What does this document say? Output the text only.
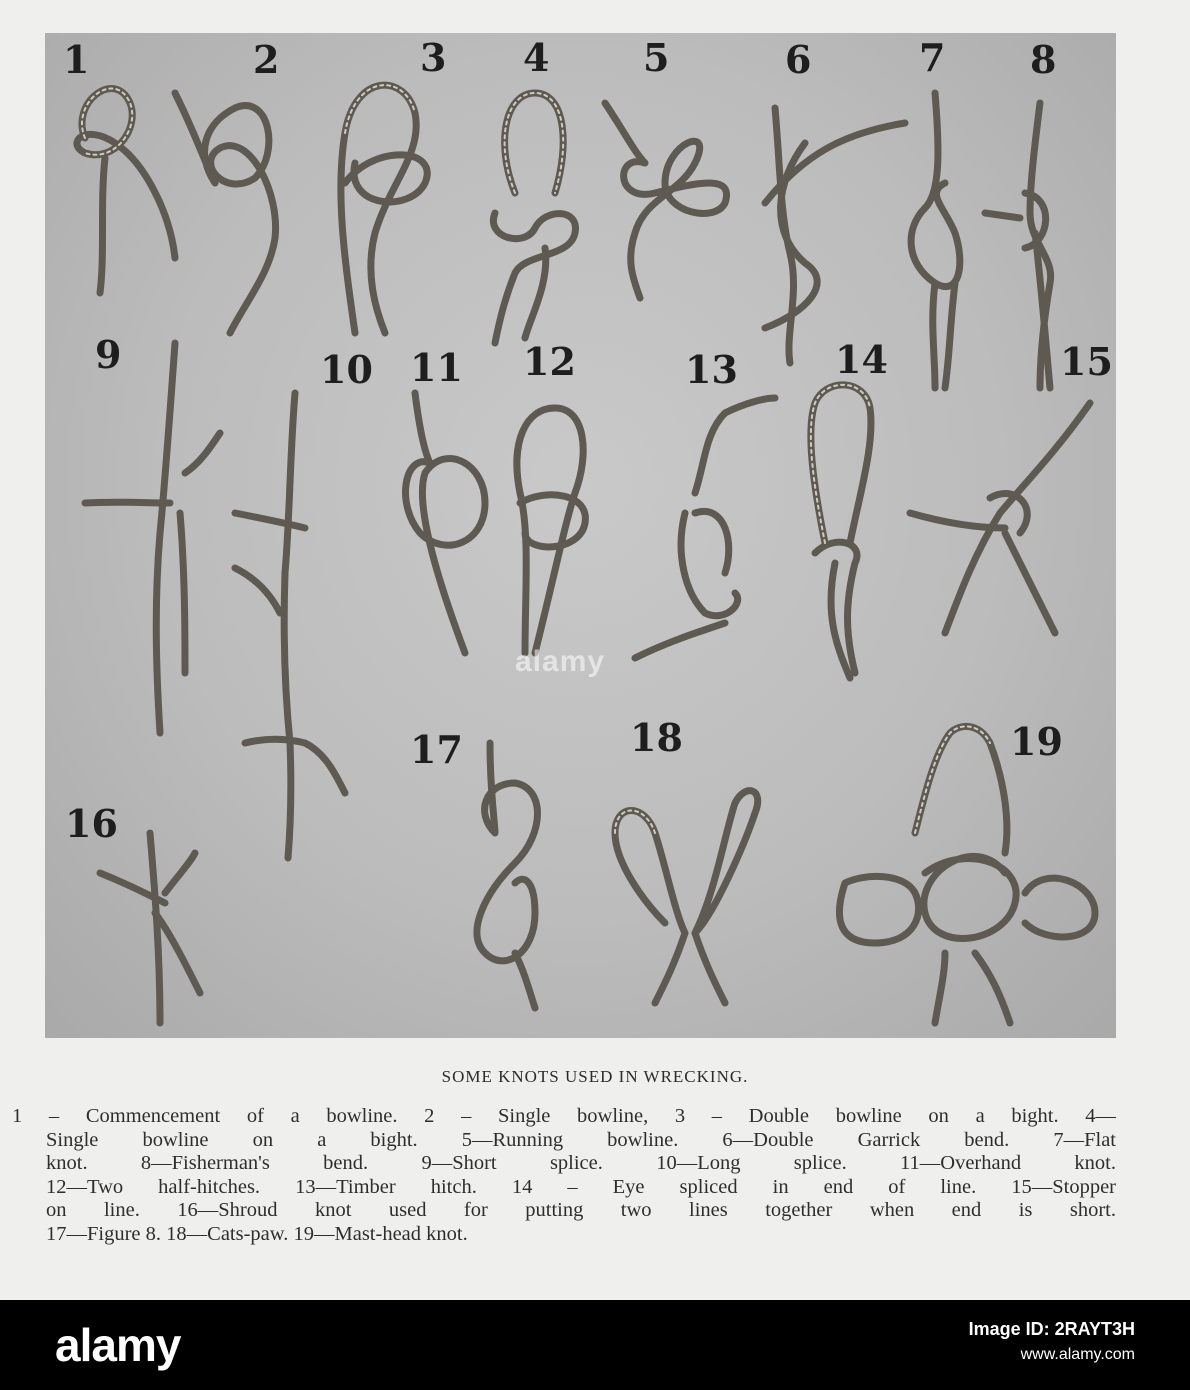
1	2	3 4 5	6	7 8
9	10 11 12	13	14	15
16
17	18	19
alamy
SOME KNOTS USED IN WRECKING.
1 – Commencement of a bowline. 2 – Single bowline, 3 – Double bowline on a bight. 4—
Single bowline on a bight. 5—Running bowline. 6—Double Garrick bend. 7—Flat
knot. 8—Fisherman's bend. 9—Short splice. 10—Long splice. 11—Overhand knot.
12—Two half-hitches. 13—Timber hitch. 14 – Eye spliced in end of line. 15—Stopper
on line. 16—Shroud knot used for putting two lines together when end is short.
17—Figure 8. 18—Cats-paw. 19—Mast-head knot.
alamy	Image ID: 2RAYT3H
www.alamy.com
